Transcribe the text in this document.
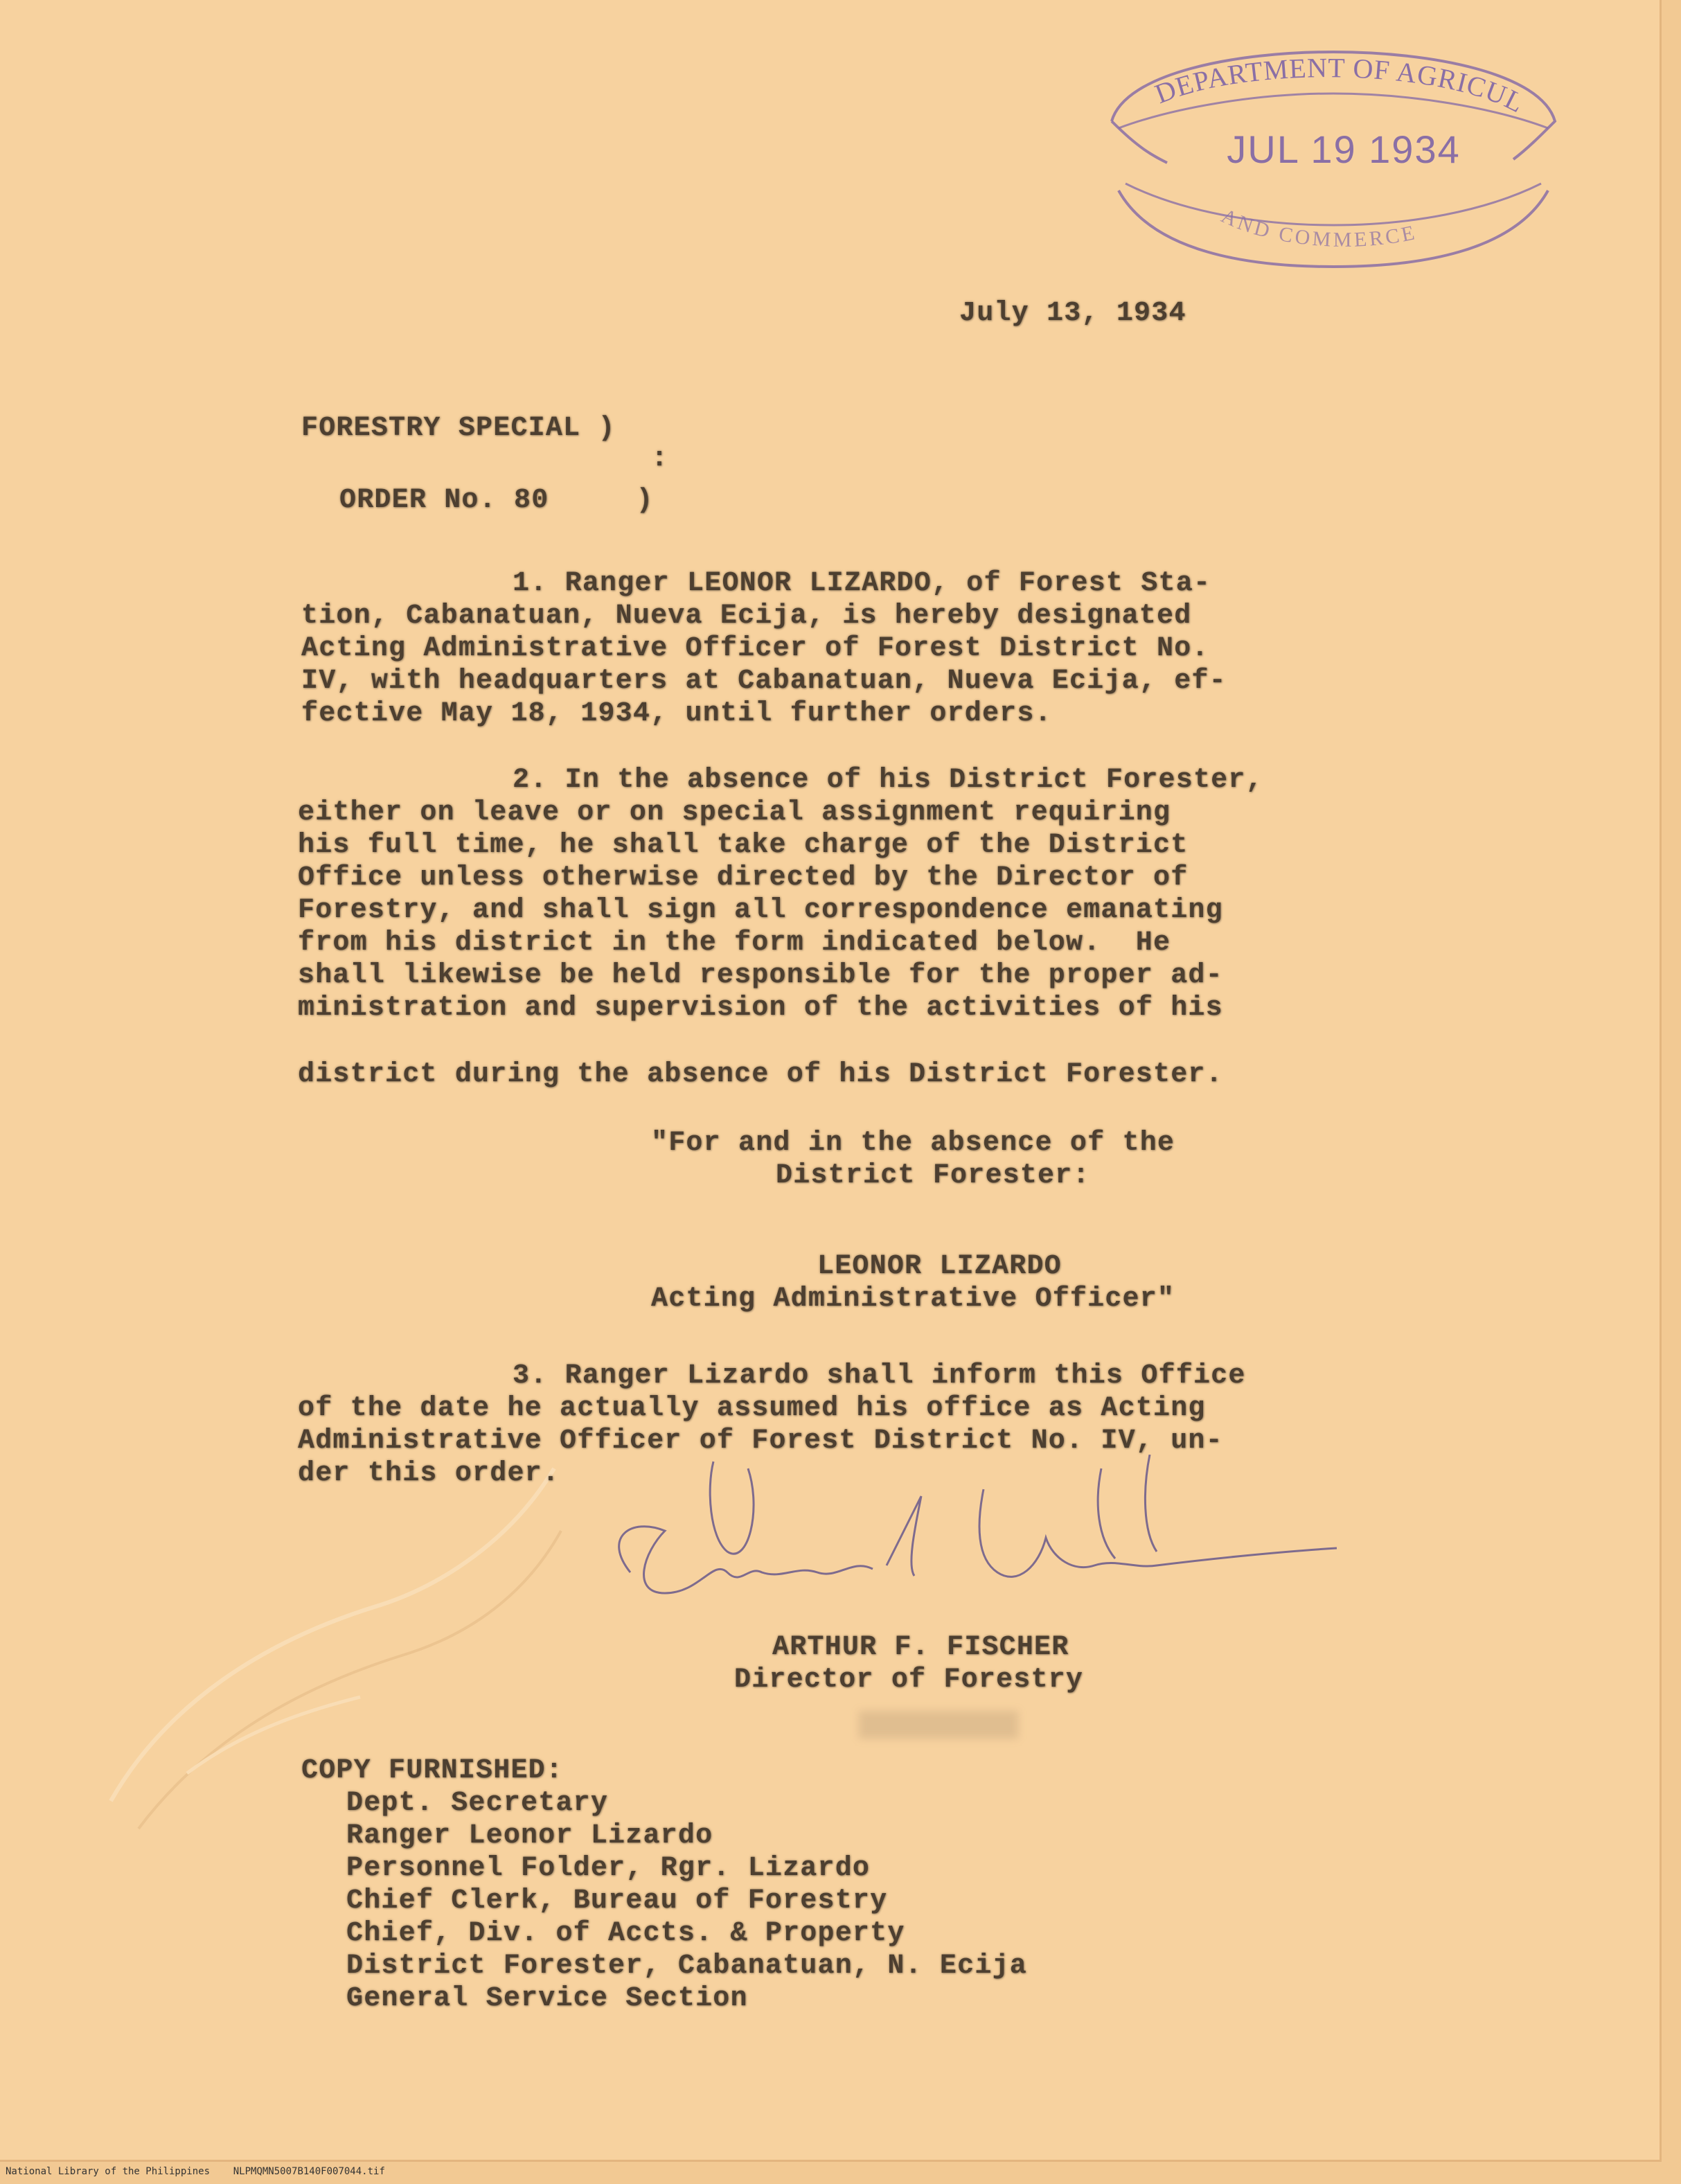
DEPARTMENT OF AGRICUL
AND COMMERCE
JUL 19 1934
July 13, 1934
FORESTRY SPECIAL )
:
ORDER No. 80     )
1. Ranger LEONOR LIZARDO, of Forest Sta-
tion, Cabanatuan, Nueva Ecija, is hereby designated
Acting Administrative Officer of Forest District No.
IV, with headquarters at Cabanatuan, Nueva Ecija, ef-
fective May 18, 1934, until further orders.
2. In the absence of his District Forester,
either on leave or on special assignment requiring
his full time, he shall take charge of the District
Office unless otherwise directed by the Director of
Forestry, and shall sign all correspondence emanating
from his district in the form indicated below.  He
shall likewise be held responsible for the proper ad-
ministration and supervision of the activities of his
district during the absence of his District Forester.
"For and in the absence of the
District Forester:
LEONOR LIZARDO
Acting Administrative Officer"
3. Ranger Lizardo shall inform this Office
of the date he actually assumed his office as Acting
Administrative Officer of Forest District No. IV, un-
der this order.
ARTHUR F. FISCHER
Director of Forestry
COPY FURNISHED:
Dept. Secretary
Ranger Leonor Lizardo
Personnel Folder, Rgr. Lizardo
Chief Clerk, Bureau of Forestry
Chief, Div. of Accts. & Property
District Forester, Cabanatuan, N. Ecija
General Service Section
National Library of the Philippines NLPMQMN5007B140F007044.tif
